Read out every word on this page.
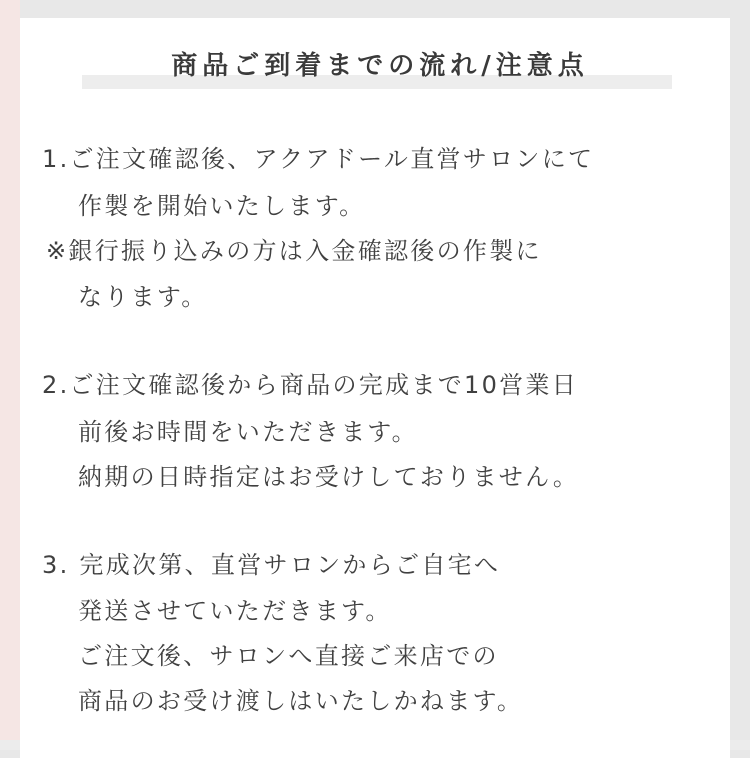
商品ご到着までの流れ/注意点
1.ご注文確認後、アクアドール直営サロンにて
作製を開始いたします。
※銀行振り込みの方は入金確認後の作製に
なります。
2.ご注文確認後から商品の完成まで10営業日
前後お時間をいただきます。
納期の日時指定はお受けしておりません。
3. 完成次第、直営サロンからご自宅へ
発送させていただきます。
ご注文後、サロンへ直接ご来店での
商品のお受け渡しはいたしかねます。
